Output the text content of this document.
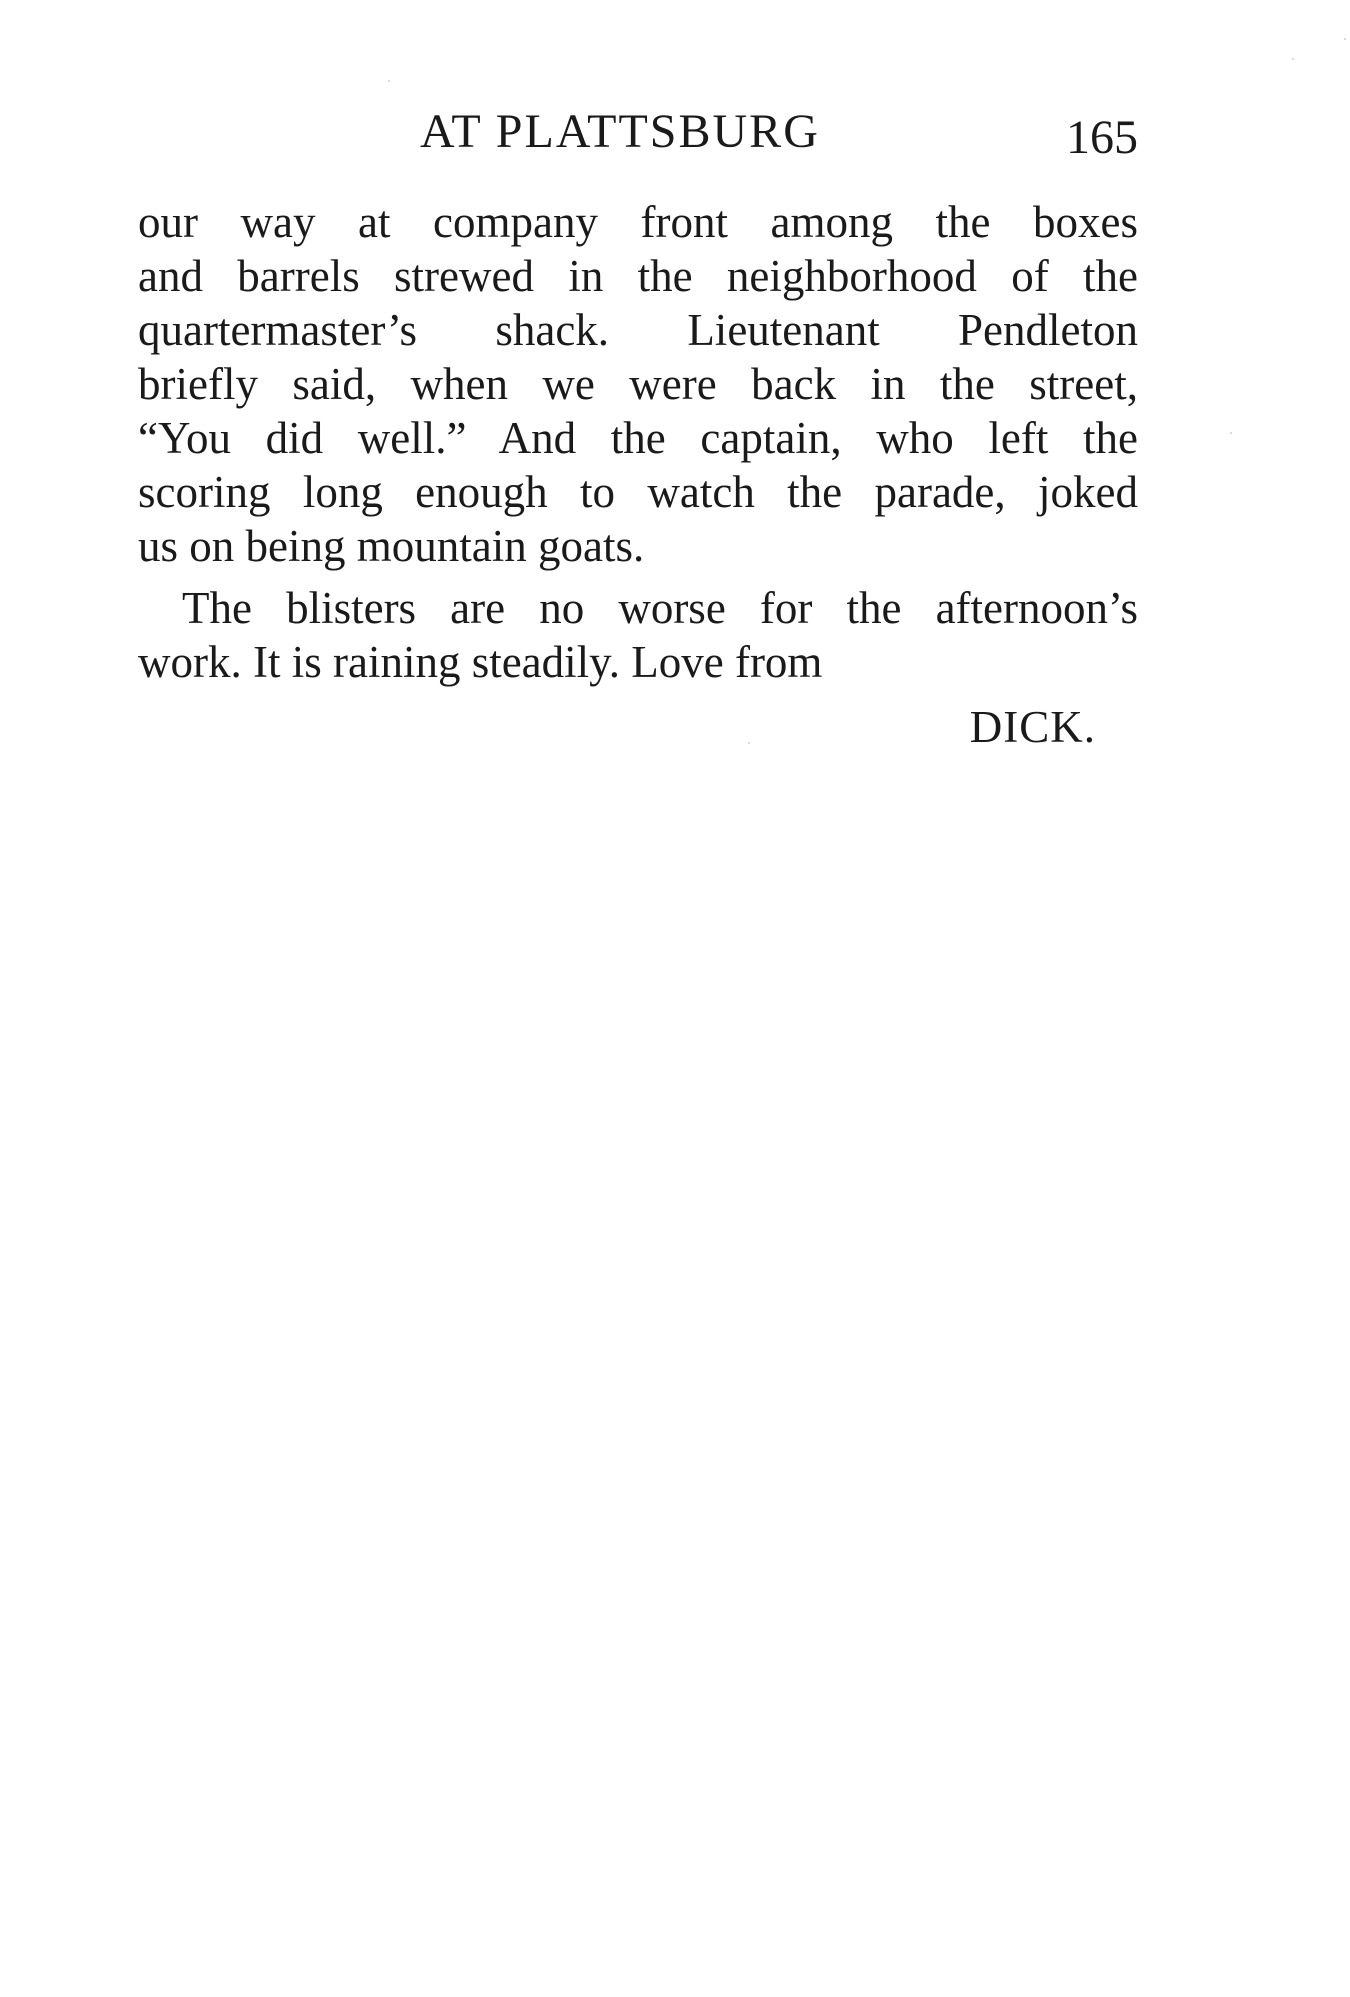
AT PLATTSBURG	165
our way at company front among the boxes
and barrels strewed in the neighborhood of the
quartermaster’s shack. Lieutenant Pendleton
briefly said, when we were back in the street,
“You did well.” And the captain, who left the
scoring long enough to watch the parade, joked
us on being mountain goats.
The blisters are no worse for the afternoon’s
work. It is raining steadily. Love from
DICK.
